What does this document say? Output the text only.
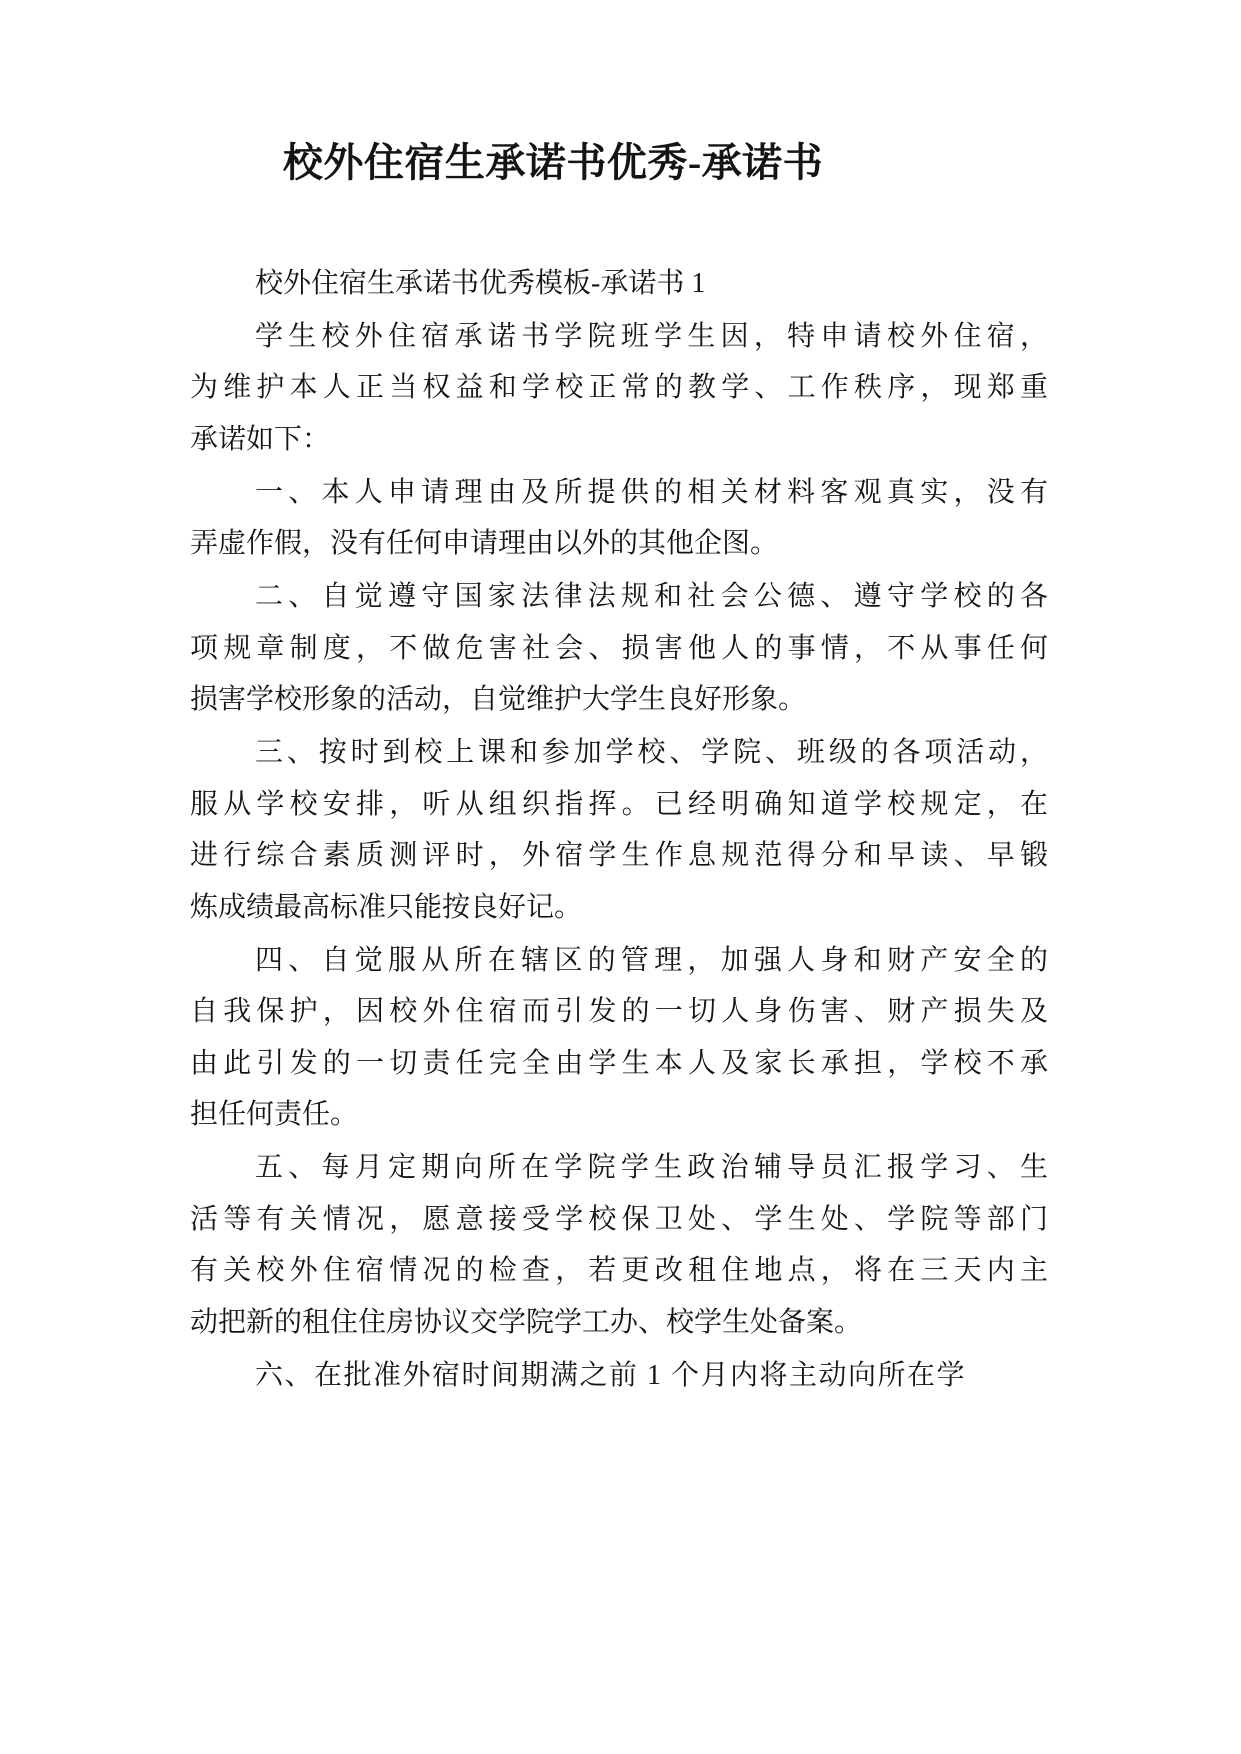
校外住宿生承诺书优秀-承诺书
校外住宿生承诺书优秀模板-承诺书 1
学生校外住宿承诺书学院班学生因，特申请校外住宿，
为维护本人正当权益和学校正常的教学、工作秩序，现郑重
承诺如下：
一、本人申请理由及所提供的相关材料客观真实，没有
弄虚作假，没有任何申请理由以外的其他企图。
二、自觉遵守国家法律法规和社会公德、遵守学校的各
项规章制度，不做危害社会、损害他人的事情，不从事任何
损害学校形象的活动，自觉维护大学生良好形象。
三、按时到校上课和参加学校、学院、班级的各项活动，
服从学校安排，听从组织指挥。已经明确知道学校规定，在
进行综合素质测评时，外宿学生作息规范得分和早读、早锻
炼成绩最高标准只能按良好记。
四、自觉服从所在辖区的管理，加强人身和财产安全的
自我保护，因校外住宿而引发的一切人身伤害、财产损失及
由此引发的一切责任完全由学生本人及家长承担，学校不承
担任何责任。
五、每月定期向所在学院学生政治辅导员汇报学习、生
活等有关情况，愿意接受学校保卫处、学生处、学院等部门
有关校外住宿情况的检查，若更改租住地点，将在三天内主
动把新的租住住房协议交学院学工办、校学生处备案。
六、在批准外宿时间期满之前 1 个月内将主动向所在学
